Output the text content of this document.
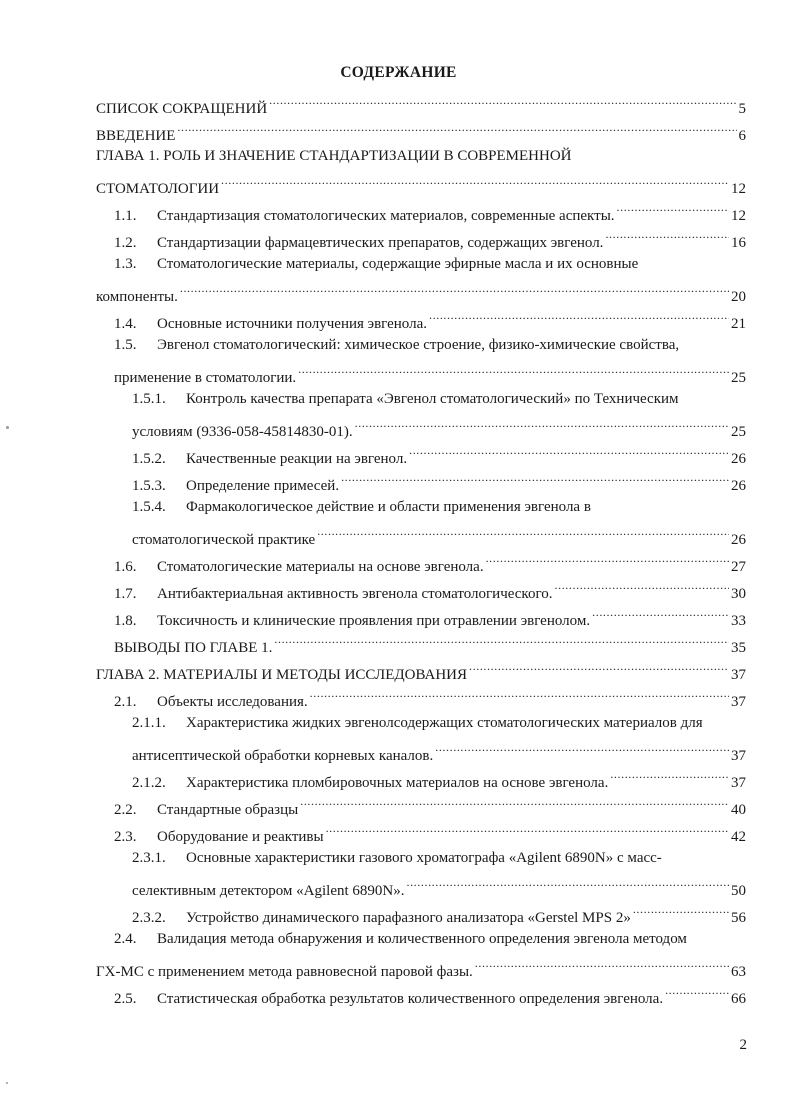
СОДЕРЖАНИЕ
СПИСОК СОКРАЩЕНИЙ .....	5
ВВЕДЕНИЕ .....	6
ГЛАВА 1. РОЛЬ И ЗНАЧЕНИЕ СТАНДАРТИЗАЦИИ В СОВРЕМЕННОЙ
СТОМАТОЛОГИИ .....	12
1.1.	Стандартизация стоматологических материалов, современные аспекты. .....	12
1.2.	Стандартизации фармацевтических препаратов, содержащих эвгенол. .....	16
1.3.	Стоматологические материалы, содержащие эфирные масла и их основные
компоненты. .....	20
1.4.	Основные источники получения эвгенола. .....	21
1.5.	Эвгенол стоматологический: химическое строение, физико-химические свойства,
применение в стоматологии. .....	25
1.5.1.	Контроль качества препарата «Эвгенол стоматологический» по Техническим
условиям (9336-058-45814830-01). .....	25
1.5.2.	Качественные реакции на эвгенол. .....	26
1.5.3.	Определение примесей. .....	26
1.5.4.	Фармакологическое действие и области применения эвгенола в
стоматологической практике .....	26
1.6.	Стоматологические материалы на основе эвгенола. .....	27
1.7.	Антибактериальная активность эвгенола стоматологического. .....	30
1.8.	Токсичность и клинические проявления при отравлении эвгенолом. .....	33
ВЫВОДЫ ПО ГЛАВЕ 1. .....	35
ГЛАВА 2. МАТЕРИАЛЫ И МЕТОДЫ ИССЛЕДОВАНИЯ .....	37
2.1.	Объекты исследования. .....	37
2.1.1.	Характеристика жидких эвгенолсодержащих стоматологических материалов для
антисептической обработки корневых каналов. .....	37
2.1.2.	Характеристика пломбировочных материалов на основе эвгенола. .....	37
2.2.	Стандартные образцы .....	40
2.3.	Оборудование и реактивы .....	42
2.3.1.	Основные характеристики газового хроматографа «Agilent 6890N» с масс-
селективным детектором «Agilent 6890N». .....	50
2.3.2.	Устройство динамического парафазного анализатора «Gerstel MPS 2» .....	56
2.4.	Валидация метода обнаружения и количественного определения эвгенола методом
ГХ-МС с применением метода равновесной паровой фазы. .....	63
2.5.	Статистическая обработка результатов количественного определения эвгенола. .....	66
2
